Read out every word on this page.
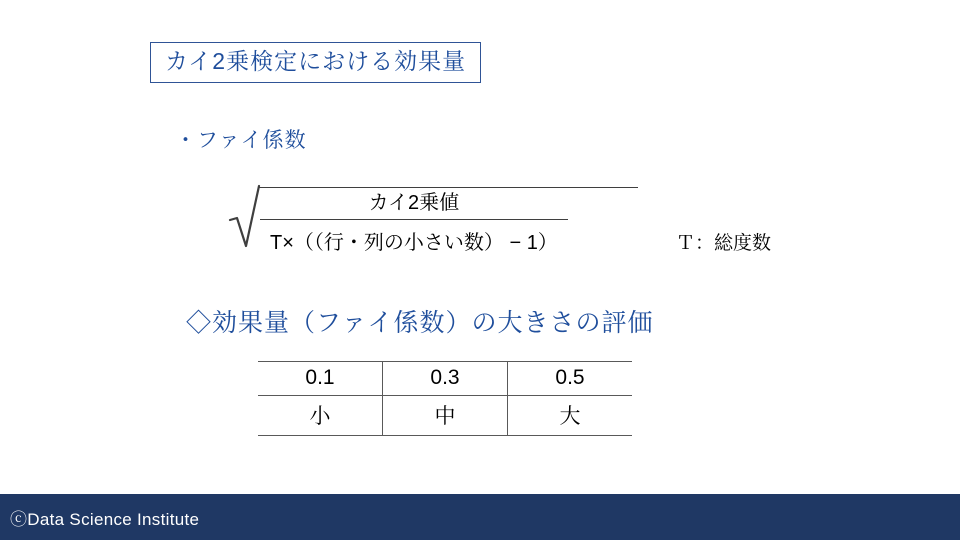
カイ2乗検定における効果量
・ファイ係数
$\frac{\text{カイ2乗値}}{\text{T×（（行・列の小さい数） − 1）}}$	Ｔ：総度数
◇効果量（ファイ係数）の大きさの評価
0.1	0.3	0.5
小	中	大
ⓒData Science Institute
